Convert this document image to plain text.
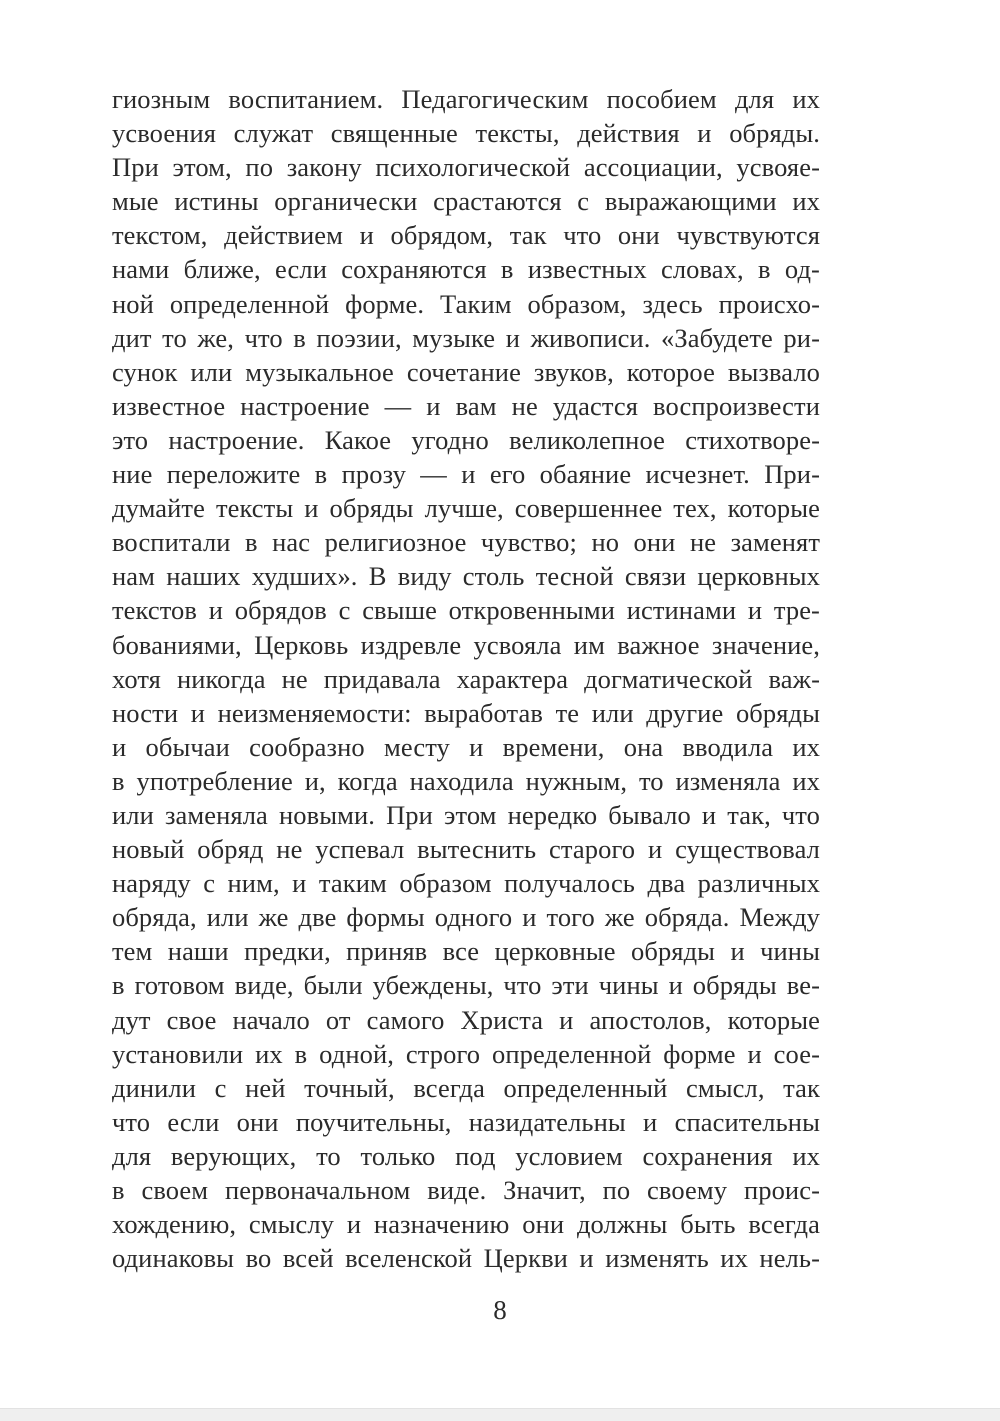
гиозным воспитанием. Педагогическим пособием для их
усвоения служат священные тексты, действия и обряды.
При этом, по закону психологической ассоциации, усвояе-
мые истины органически срастаются с выражающими их
текстом, действием и обрядом, так что они чувствуются
нами ближе, если сохраняются в известных словах, в од-
ной определенной форме. Таким образом, здесь происхо-
дит то же, что в поэзии, музыке и живописи. «Забудете ри-
сунок или музыкальное сочетание звуков, которое вызвало
известное настроение — и вам не удастся воспроизвести
это настроение. Какое угодно великолепное стихотворе-
ние переложите в прозу — и его обаяние исчезнет. При-
думайте тексты и обряды лучше, совершеннее тех, которые
воспитали в нас религиозное чувство; но они не заменят
нам наших худших». В виду столь тесной связи церковных
текстов и обрядов с свыше откровенными истинами и тре-
бованиями, Церковь издревле усвояла им важное значение,
хотя никогда не придавала характера догматической важ-
ности и неизменяемости: выработав те или другие обряды
и обычаи сообразно месту и времени, она вводила их
в употребление и, когда находила нужным, то изменяла их
или заменяла новыми. При этом нередко бывало и так, что
новый обряд не успевал вытеснить старого и существовал
наряду с ним, и таким образом получалось два различных
обряда, или же две формы одного и того же обряда. Между
тем наши предки, приняв все церковные обряды и чины
в готовом виде, были убеждены, что эти чины и обряды ве-
дут свое начало от самого Христа и апостолов, которые
установили их в одной, строго определенной форме и сое-
динили с ней точный, всегда определенный смысл, так
что если они поучительны, назидательны и спасительны
для верующих, то только под условием сохранения их
в своем первоначальном виде. Значит, по своему проис-
хождению, смыслу и назначению они должны быть всегда
одинаковы во всей вселенской Церкви и изменять их нель-
8
